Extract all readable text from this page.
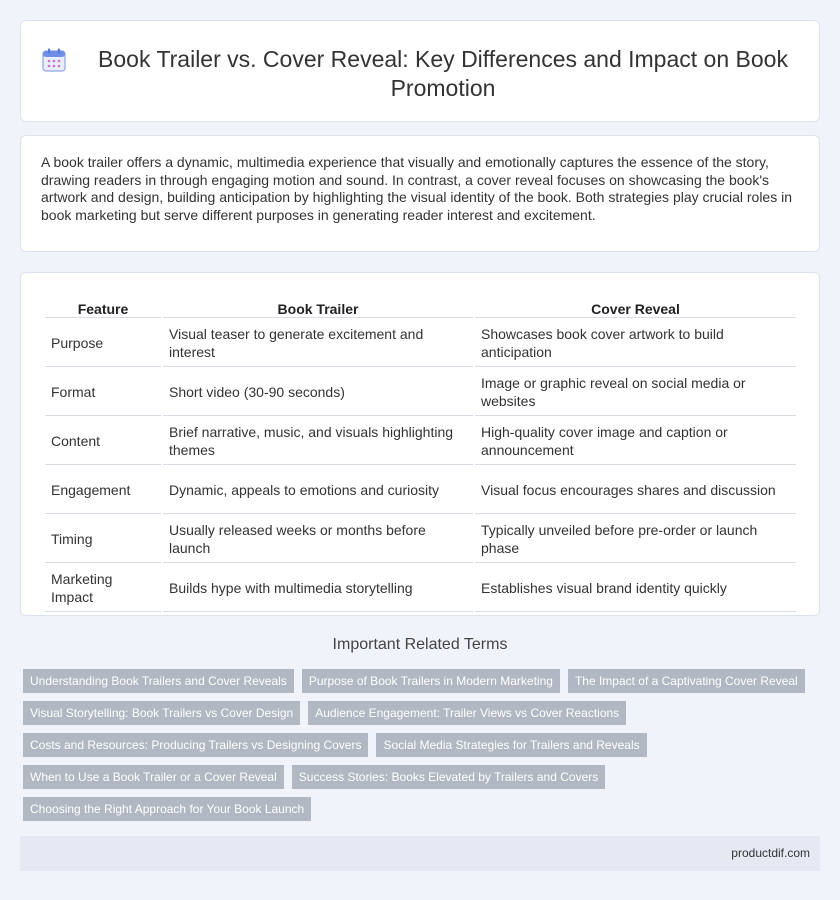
Book Trailer vs. Cover Reveal: Key Differences and Impact on Book Promotion

A book trailer offers a dynamic, multimedia experience that visually and emotionally captures the essence of the story, drawing readers in through engaging motion and sound. In contrast, a cover reveal focuses on showcasing the book's artwork and design, building anticipation by highlighting the visual identity of the book. Both strategies play crucial roles in book marketing but serve different purposes in generating reader interest and excitement.

Feature	Book Trailer	Cover Reveal
Purpose	Visual teaser to generate excitement and interest	Showcases book cover artwork to build anticipation
Format	Short video (30-90 seconds)	Image or graphic reveal on social media or websites
Content	Brief narrative, music, and visuals highlighting themes	High-quality cover image and caption or announcement
Engagement	Dynamic, appeals to emotions and curiosity	Visual focus encourages shares and discussion
Timing	Usually released weeks or months before launch	Typically unveiled before pre-order or launch phase
Marketing Impact	Builds hype with multimedia storytelling	Establishes visual brand identity quickly
Important Related Terms
Understanding Book Trailers and Cover Reveals	Purpose of Book Trailers in Modern Marketing	The Impact of a Captivating Cover Reveal
Visual Storytelling: Book Trailers vs Cover Design	Audience Engagement: Trailer Views vs Cover Reactions
Costs and Resources: Producing Trailers vs Designing Covers	Social Media Strategies for Trailers and Reveals
When to Use a Book Trailer or a Cover Reveal	Success Stories: Books Elevated by Trailers and Covers
Choosing the Right Approach for Your Book Launch
productdif.com
